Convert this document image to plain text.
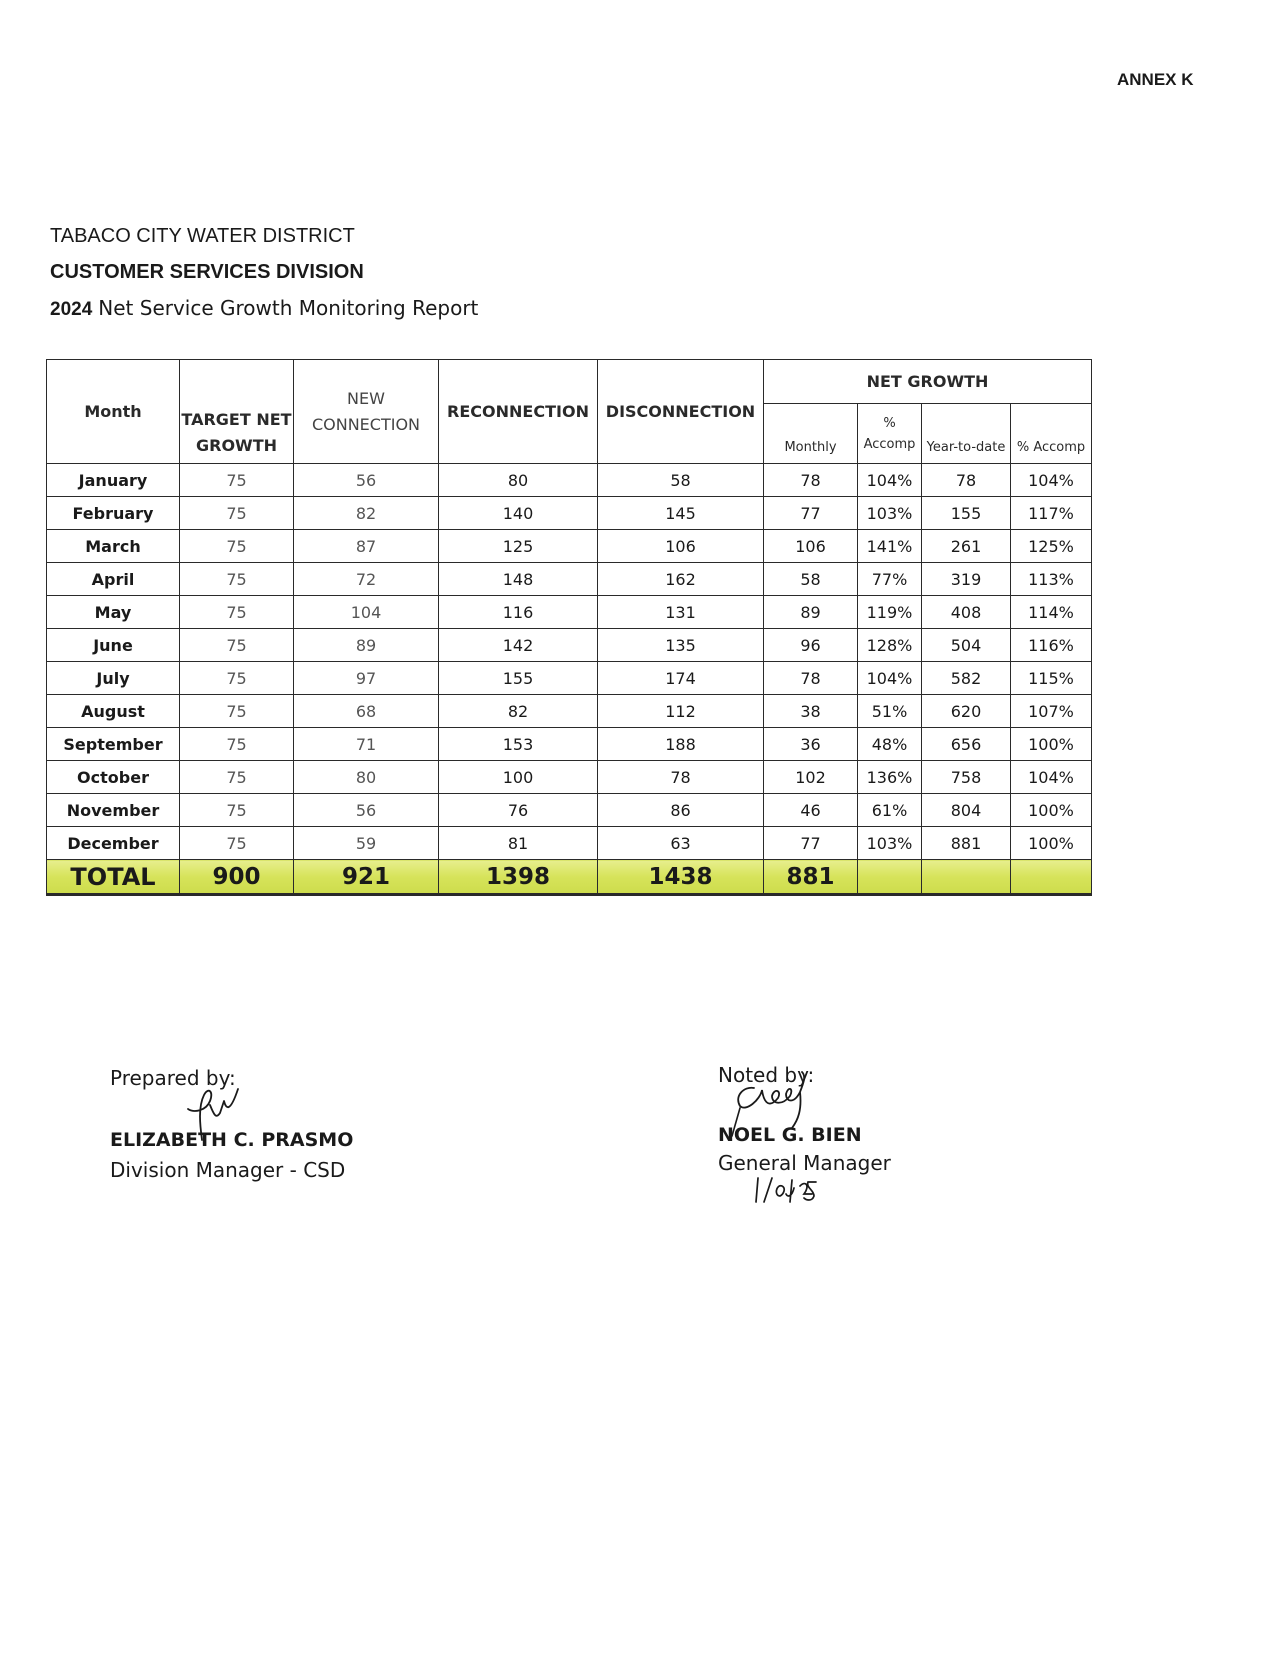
ANNEX K
TABACO CITY WATER DISTRICT
CUSTOMER SERVICES DIVISION
2024 Net Service Growth Monitoring Report
Month	TARGET NET GROWTH	NEW CONNECTION	RECONNECTION	DISCONNECTION	NET GROWTH			
					Monthly	% Accomp	Year-to-date	% Accomp
January	75	56	80	58	78	104%	78	104%
February	75	82	140	145	77	103%	155	117%
March	75	87	125	106	106	141%	261	125%
April	75	72	148	162	58	77%	319	113%
May	75	104	116	131	89	119%	408	114%
June	75	89	142	135	96	128%	504	116%
July	75	97	155	174	78	104%	582	115%
August	75	68	82	112	38	51%	620	107%
September	75	71	153	188	36	48%	656	100%
October	75	80	100	78	102	136%	758	104%
November	75	56	76	86	46	61%	804	100%
December	75	59	81	63	77	103%	881	100%
TOTAL	900	921	1398	1438	881			
Prepared by:
ELIZABETH C. PRASMO
Division Manager - CSD
Noted by:
NOEL G. BIEN
General Manager
